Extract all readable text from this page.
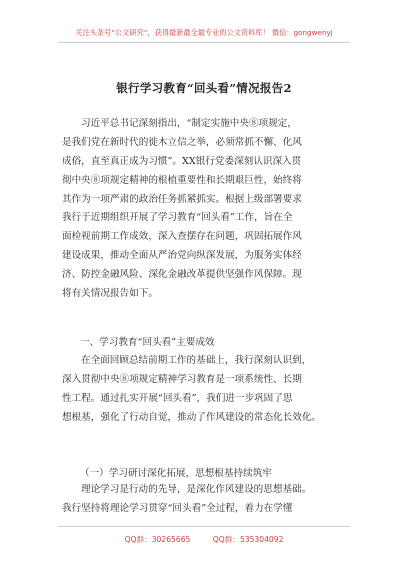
关注头条号“公文研究”，获得最新最全最专业的公文资料库！ 微信：gongwenyj
银行学习教育“回头看”情况报告2
习近平总书记深刻指出，“制定实施中央⑧项规定，
是我们党在新时代的徙木立信之举，必须常抓不懈、化风
成俗，直至真正成为习惯”。XX银行党委深刻认识深入贯
彻中央⑧项规定精神的根植重要性和长期艰巨性，始终将
其作为一项严肃的政治任务抓紧抓实。根据上级部署要求
我行于近期组织开展了学习教育“回头看”工作，旨在全
面检视前期工作成效，深入查摆存在问题，巩固拓展作风
建设成果，推动全面从严治党向纵深发展，为服务实体经
济、防控金融风险、深化金融改革提供坚强作风保障。现
将有关情况报告如下。
一、学习教育“回头看”主要成效
在全面回顾总结前期工作的基础上，我行深刻认识到，
深入贯彻中央⑧项规定精神学习教育是一项系统性、长期
性工程。通过扎实开展“回头看”，我们进一步巩固了思
想根基，强化了行动自觉，推动了作风建设的常态化长效化。
（一）学习研讨深化拓展，思想根基持续筑牢
理论学习是行动的先导，是深化作风建设的思想基础。
我行坚持将理论学习贯穿“回头看”全过程，着力在学懂
QQ群：30265665	QQ群：535304092
